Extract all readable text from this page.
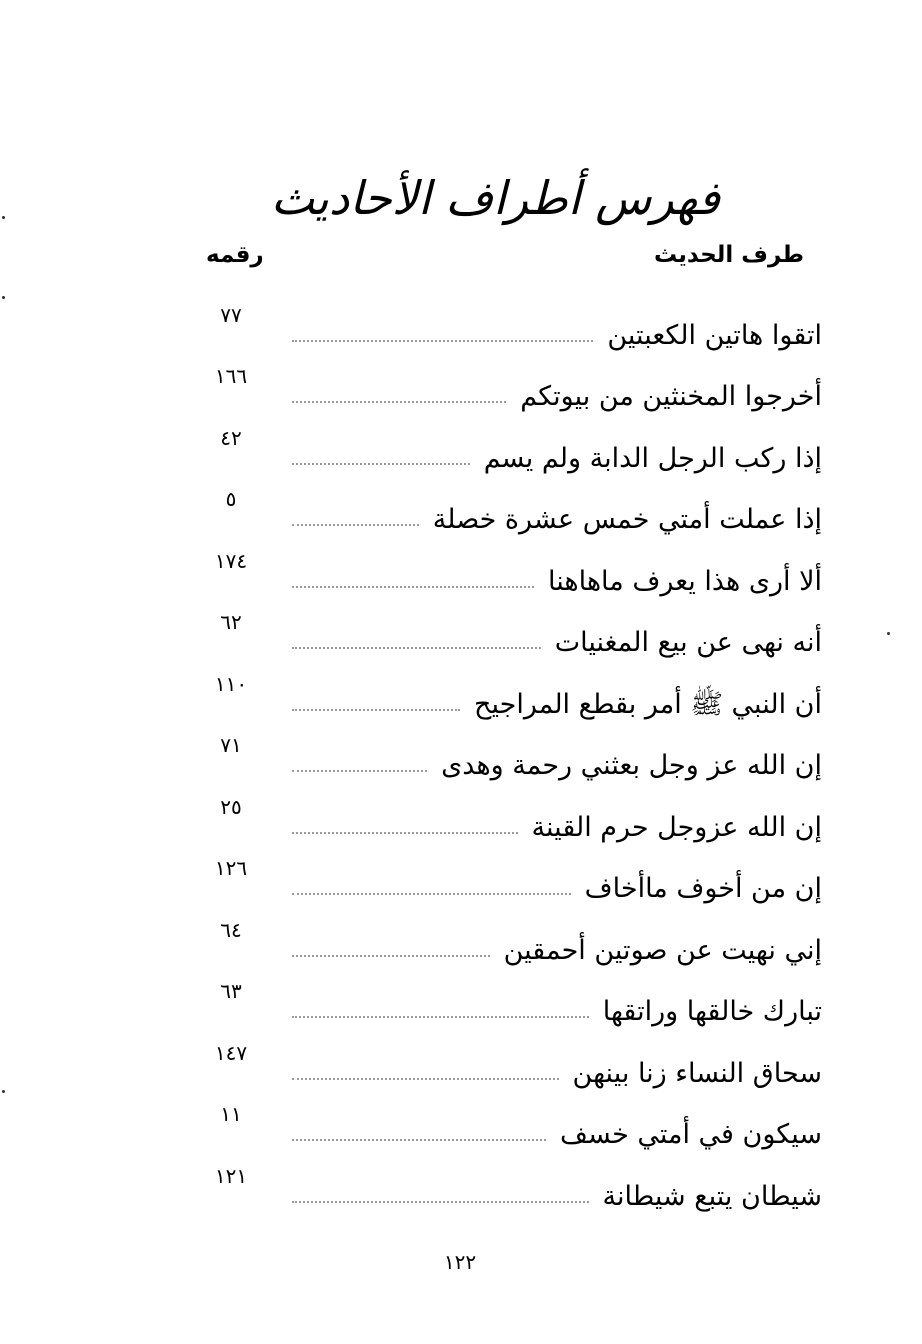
فهرس أطراف الأحاديث
طرف الحديث
رقمه
اتقوا هاتين الكعبتين
٧٧
أخرجوا المخنثين من بيوتكم
١٦٦
إذا ركب الرجل الدابة ولم يسم
٤٢
إذا عملت أمتي خمس عشرة خصلة
٥
ألا أرى هذا يعرف ماهاهنا
١٧٤
أنه نهى عن بيع المغنيات
٦٢
أن النبي ﷺ أمر بقطع المراجيح
١١٠
إن الله عز وجل بعثني رحمة وهدى
٧١
إن الله عزوجل حرم القينة
٢٥
إن من أخوف ماأخاف
١٢٦
إني نهيت عن صوتين أحمقين
٦٤
تبارك خالقها وراتقها
٦٣
سحاق النساء زنا بينهن
١٤٧
سيكون في أمتي خسف
١١
شيطان يتبع شيطانة
١٢١
١٢٢
